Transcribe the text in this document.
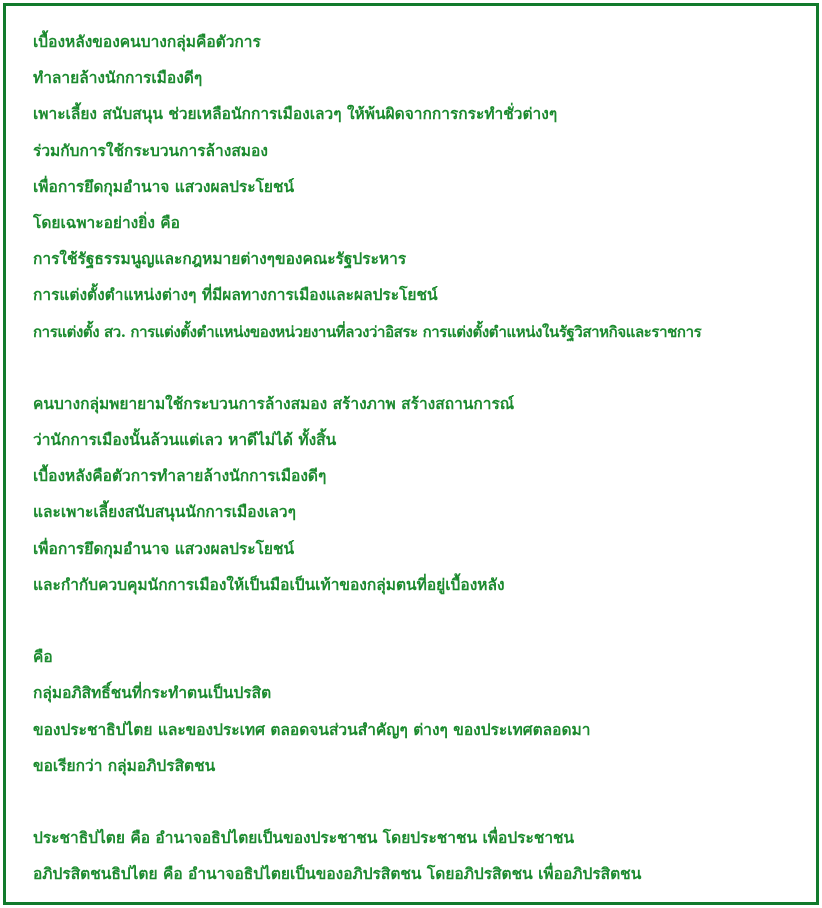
เบื้องหลังของคนบางกลุ่มคือตัวการ
ทำลายล้างนักการเมืองดีๆ
เพาะเลี้ยง สนับสนุน ช่วยเหลือนักการเมืองเลวๆ ให้พ้นผิดจากการกระทำชั่วต่างๆ
ร่วมกับการใช้กระบวนการล้างสมอง
เพื่อการยึดกุมอำนาจ แสวงผลประโยชน์
โดยเฉพาะอย่างยิ่ง คือ
การใช้รัฐธรรมนูญและกฎหมายต่างๆของคณะรัฐประหาร
การแต่งตั้งตำแหน่งต่างๆ ที่มีผลทางการเมืองและผลประโยชน์
การแต่งตั้ง สว. การแต่งตั้งตำแหน่งของหน่วยงานที่ลวงว่าอิสระ การแต่งตั้งตำแหน่งในรัฐวิสาหกิจและราชการ
คนบางกลุ่มพยายามใช้กระบวนการล้างสมอง สร้างภาพ สร้างสถานการณ์
ว่านักการเมืองนั้นล้วนแต่เลว หาดีไม่ได้ ทั้งสิ้น
เบื้องหลังคือตัวการทำลายล้างนักการเมืองดีๆ
และเพาะเลี้ยงสนับสนุนนักการเมืองเลวๆ
เพื่อการยึดกุมอำนาจ แสวงผลประโยชน์
และกำกับควบคุมนักการเมืองให้เป็นมือเป็นเท้าของกลุ่มตนที่อยู่เบื้องหลัง
คือ
กลุ่มอภิสิทธิ์ชนที่กระทำตนเป็นปรสิต
ของประชาธิปไตย และของประเทศ ตลอดจนส่วนสำคัญๆ ต่างๆ ของประเทศตลอดมา
ขอเรียกว่า กลุ่มอภิปรสิตชน
ประชาธิปไตย คือ อำนาจอธิปไตยเป็นของประชาชน โดยประชาชน เพื่อประชาชน
อภิปรสิตชนธิปไตย คือ อำนาจอธิปไตยเป็นของอภิปรสิตชน โดยอภิปรสิตชน เพื่ออภิปรสิตชน
